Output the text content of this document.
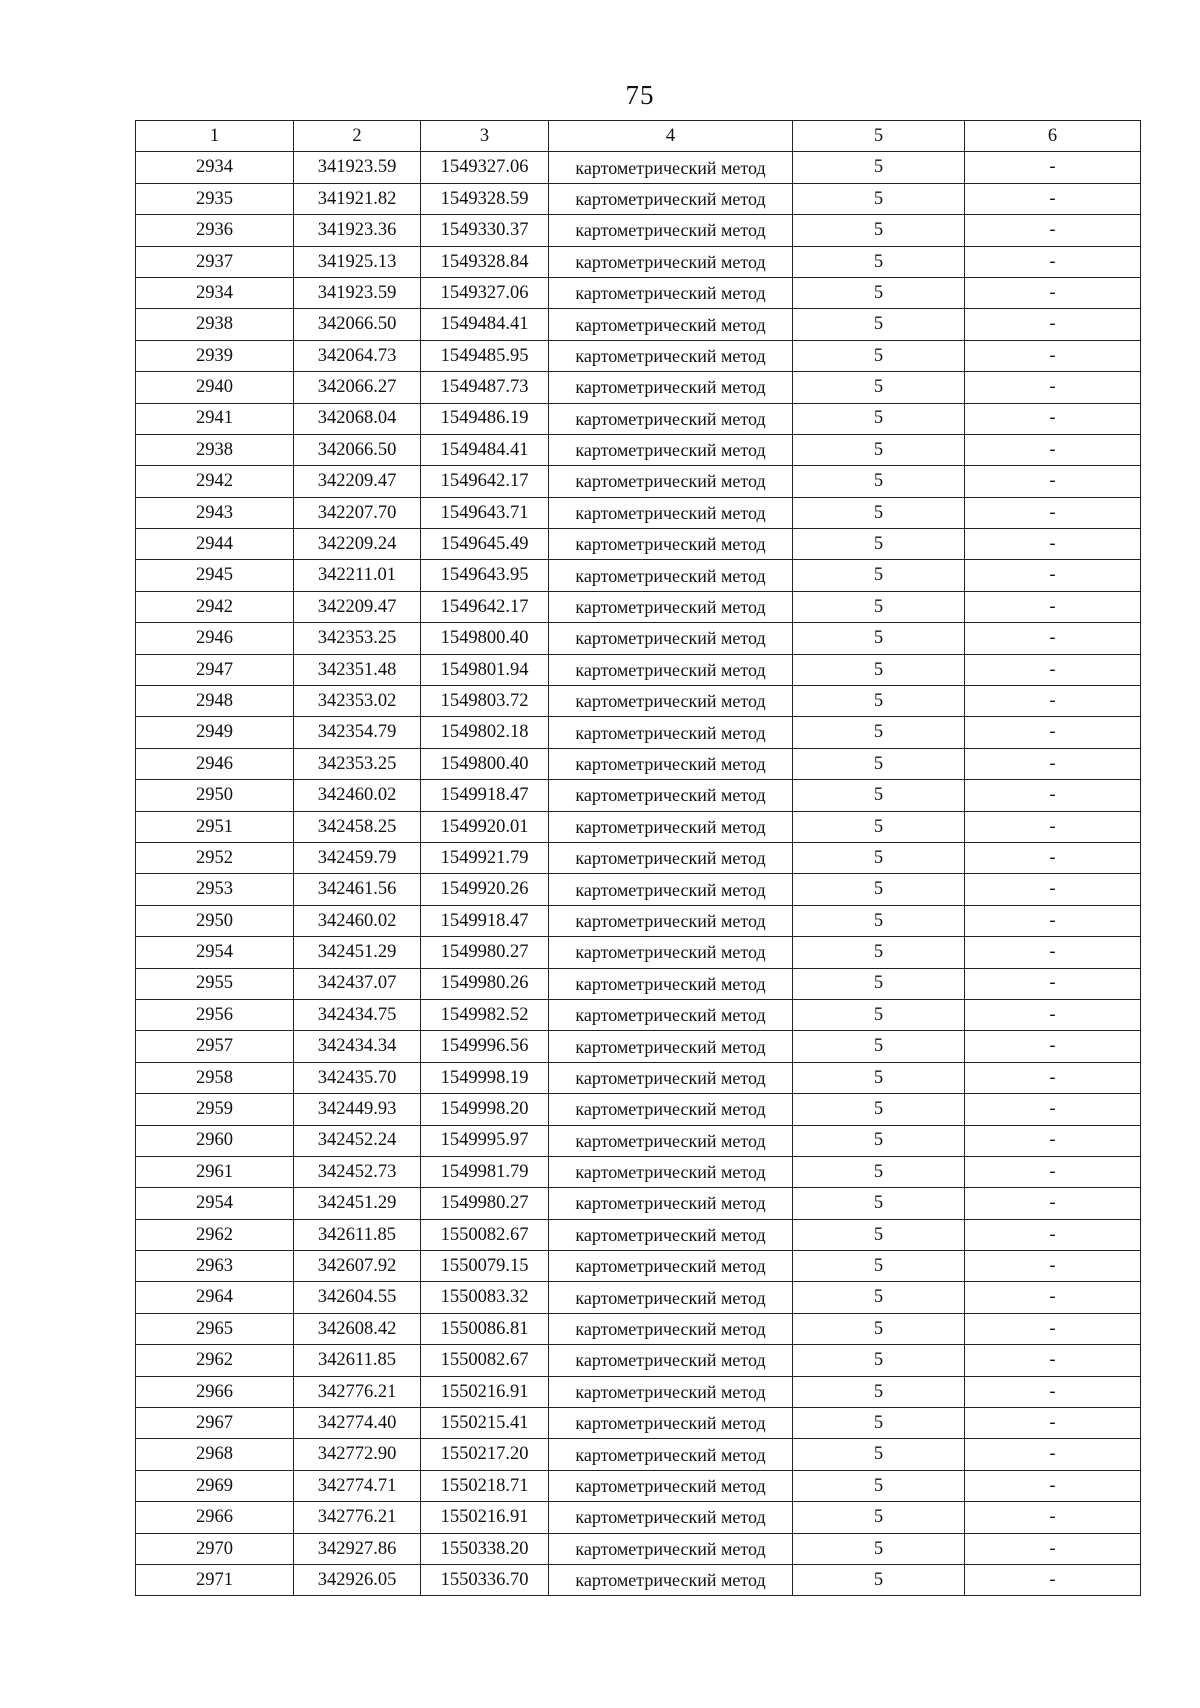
75
1	2	3	4	5	6
2934	341923.59	1549327.06	картометрический метод	5	-
2935	341921.82	1549328.59	картометрический метод	5	-
2936	341923.36	1549330.37	картометрический метод	5	-
2937	341925.13	1549328.84	картометрический метод	5	-
2934	341923.59	1549327.06	картометрический метод	5	-
2938	342066.50	1549484.41	картометрический метод	5	-
2939	342064.73	1549485.95	картометрический метод	5	-
2940	342066.27	1549487.73	картометрический метод	5	-
2941	342068.04	1549486.19	картометрический метод	5	-
2938	342066.50	1549484.41	картометрический метод	5	-
2942	342209.47	1549642.17	картометрический метод	5	-
2943	342207.70	1549643.71	картометрический метод	5	-
2944	342209.24	1549645.49	картометрический метод	5	-
2945	342211.01	1549643.95	картометрический метод	5	-
2942	342209.47	1549642.17	картометрический метод	5	-
2946	342353.25	1549800.40	картометрический метод	5	-
2947	342351.48	1549801.94	картометрический метод	5	-
2948	342353.02	1549803.72	картометрический метод	5	-
2949	342354.79	1549802.18	картометрический метод	5	-
2946	342353.25	1549800.40	картометрический метод	5	-
2950	342460.02	1549918.47	картометрический метод	5	-
2951	342458.25	1549920.01	картометрический метод	5	-
2952	342459.79	1549921.79	картометрический метод	5	-
2953	342461.56	1549920.26	картометрический метод	5	-
2950	342460.02	1549918.47	картометрический метод	5	-
2954	342451.29	1549980.27	картометрический метод	5	-
2955	342437.07	1549980.26	картометрический метод	5	-
2956	342434.75	1549982.52	картометрический метод	5	-
2957	342434.34	1549996.56	картометрический метод	5	-
2958	342435.70	1549998.19	картометрический метод	5	-
2959	342449.93	1549998.20	картометрический метод	5	-
2960	342452.24	1549995.97	картометрический метод	5	-
2961	342452.73	1549981.79	картометрический метод	5	-
2954	342451.29	1549980.27	картометрический метод	5	-
2962	342611.85	1550082.67	картометрический метод	5	-
2963	342607.92	1550079.15	картометрический метод	5	-
2964	342604.55	1550083.32	картометрический метод	5	-
2965	342608.42	1550086.81	картометрический метод	5	-
2962	342611.85	1550082.67	картометрический метод	5	-
2966	342776.21	1550216.91	картометрический метод	5	-
2967	342774.40	1550215.41	картометрический метод	5	-
2968	342772.90	1550217.20	картометрический метод	5	-
2969	342774.71	1550218.71	картометрический метод	5	-
2966	342776.21	1550216.91	картометрический метод	5	-
2970	342927.86	1550338.20	картометрический метод	5	-
2971	342926.05	1550336.70	картометрический метод	5	-
